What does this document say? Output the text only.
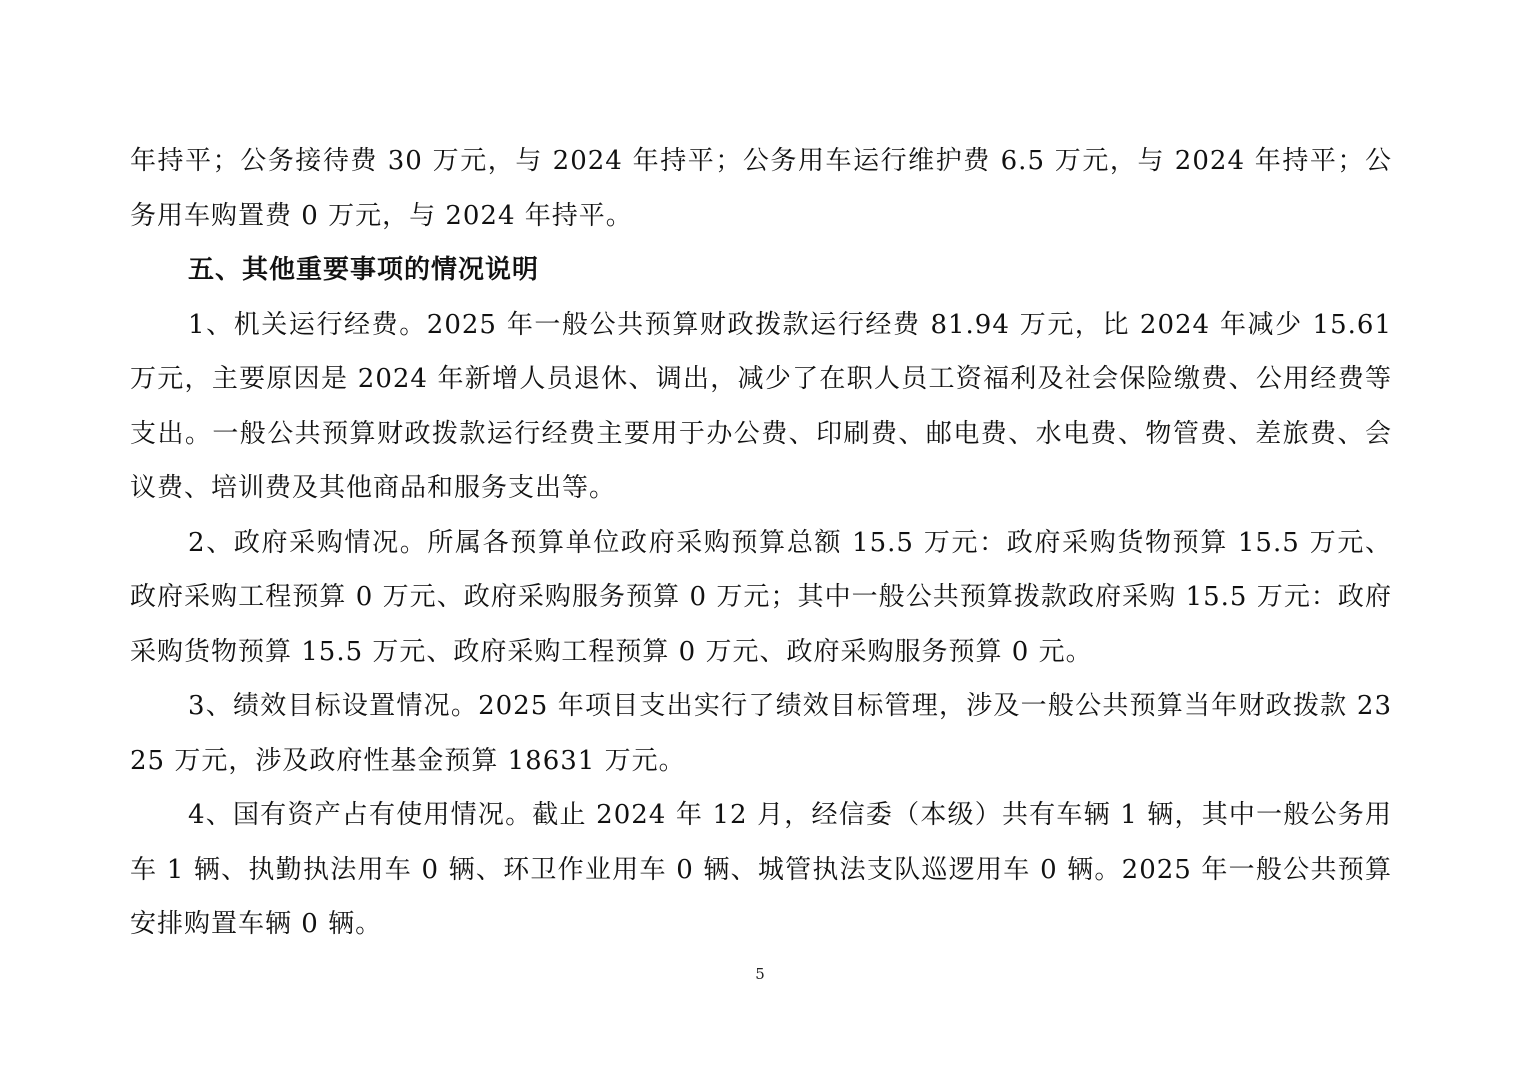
年持平；公务接待费 30 万元，与 2024 年持平；公务用车运行维护费 6.5 万元，与 2024 年持平；公务用车购置费 0 万元，与 2024 年持平。

五、其他重要事项的情况说明

1、机关运行经费。2025 年一般公共预算财政拨款运行经费 81.94 万元，比 2024 年减少 15.61 万元，主要原因是 2024 年新增人员退休、调出，减少了在职人员工资福利及社会保险缴费、公用经费等支出。一般公共预算财政拨款运行经费主要用于办公费、印刷费、邮电费、水电费、物管费、差旅费、会议费、培训费及其他商品和服务支出等。

2、政府采购情况。所属各预算单位政府采购预算总额 15.5 万元：政府采购货物预算 15.5 万元、政府采购工程预算 0 万元、政府采购服务预算 0 万元；其中一般公共预算拨款政府采购 15.5 万元：政府采购货物预算 15.5 万元、政府采购工程预算 0 万元、政府采购服务预算 0 元。

3、绩效目标设置情况。2025 年项目支出实行了绩效目标管理，涉及一般公共预算当年财政拨款 2325 万元，涉及政府性基金预算 18631 万元。

4、国有资产占有使用情况。截止 2024 年 12 月，经信委（本级）共有车辆 1 辆，其中一般公务用车 1 辆、执勤执法用车 0 辆、环卫作业用车 0 辆、城管执法支队巡逻用车 0 辆。2025 年一般公共预算安排购置车辆 0 辆。

5
